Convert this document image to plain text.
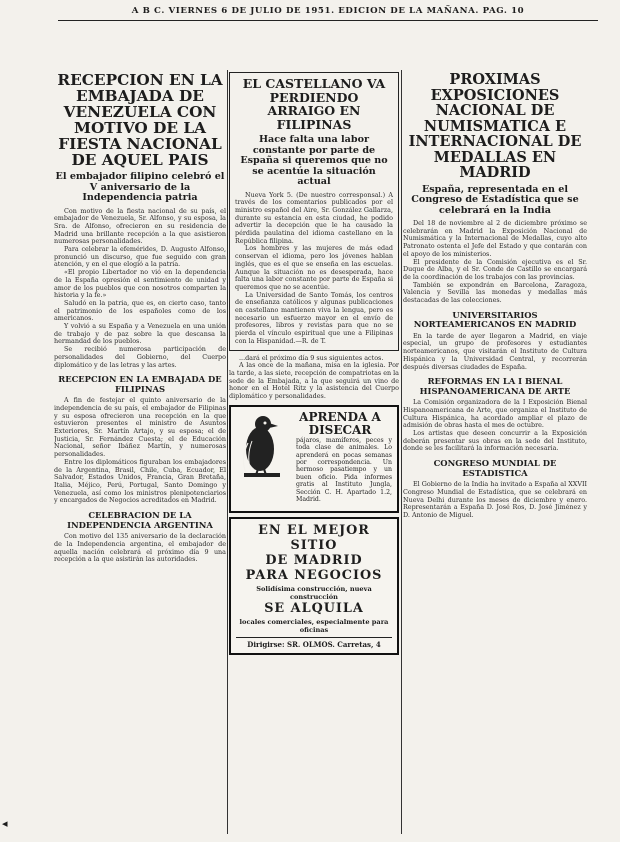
A B C. VIERNES 6 DE JULIO DE 1951. EDICION DE LA MAÑANA. PAG. 10
RECEPCION EN LA EMBAJADA DE VENEZUELA CON MOTIVO DE LA FIESTA NACIONAL DE AQUEL PAIS
El embajador filipino celebró el V aniversario de la Independencia patria

Con motivo de la fiesta nacional de su país, el embajador de Venezuela, Sr. Alfonso, y su esposa, la Sra. de Alfonso, ofrecieron en su residencia de Madrid una brillante recepción a la que asistieron numerosas personalidades.

Para celebrar la efemérides, D. Augusto Alfonso, pronunció un discurso, que fue seguido con gran atención, y en el que elogió a la patria.

«El propio Libertador no vió en la dependencia de la España opresión el sentimiento de unidad y amor de los pueblos que con nosotros comparten la historia y la fe.»

Saludó en la patria, que es, en cierto caso, tanto el patrimonio de los españoles como de los americanos.

Y volvió a su España y a Venezuela en una unión de trabajo y de paz sobre la que descansa la hermandad de los pueblos.

Se recibió numerosa participación de personalidades del Gobierno, del Cuerpo diplomático y de las letras y las artes.

RECEPCION EN LA EMBAJADA DE FILIPINAS

A fin de festejar el quinto aniversario de la independencia de su país, el embajador de Filipinas y su esposa ofrecieron una recepción en la que estuvieron presentes el ministro de Asuntos Exteriores, Sr. Martín Artajo, y su esposa; el de Justicia, Sr. Fernández Cuesta; el de Educación Nacional, señor Ibáñez Martín, y numerosas personalidades.

Entre los diplomáticos figuraban los embajadores de la Argentina, Brasil, Chile, Cuba, Ecuador, El Salvador, Estados Unidos, Francia, Gran Bretaña, Italia, Méjico, Perú, Portugal, Santo Domingo y Venezuela, así como los ministros plenipotenciarios y encargados de Negocios acreditados en Madrid.

CELEBRACION DE LA INDEPENDENCIA ARGENTINA

Con motivo del 135 aniversario de la declaración de la Independencia argentina, el embajador de aquella nación celebrará el próximo día 9 una recepción a la que asistirán las autoridades.

EL CASTELLANO VA PERDIENDO ARRAIGO EN FILIPINAS
Hace falta una labor constante por parte de España si queremos que no se acentúe la situación actual

Nueva York 5. (De nuestro corresponsal.) A través de los comentarios publicados por el ministro español del Aire, Sr. González Gallarza, durante su estancia en esta ciudad, he podido advertir la decepción que le ha causado la pérdida paulatina del idioma castellano en la República filipina.

Los hombres y las mujeres de más edad conservan el idioma, pero los jóvenes hablan inglés, que es el que se enseña en las escuelas. Aunque la situación no es desesperada, hace falta una labor constante por parte de España si queremos que no se acentúe.

La Universidad de Santo Tomás, los centros de enseñanza católicos y algunas publicaciones en castellano mantienen viva la lengua, pero es necesario un esfuerzo mayor en el envío de profesores, libros y revistas para que no se pierda el vínculo espiritual que une a Filipinas con la Hispanidad.—R. de T.

...dará el próximo día 9 sus siguientes actos.

A las once de la mañana, misa en la iglesia. Por la tarde, a las siete, recepción de compatriotas en la sede de la Embajada, a la que seguirá un vino de honor en el Hotel Ritz y la asistencia del Cuerpo diplomático y personalidades.

APRENDA A DISECAR
pájaros, mamíferos, peces y toda clase de animales. Lo aprenderá en pocas semanas por correspondencia. Un hermoso pasatiempo y un buen oficio. Pida informes gratis al Instituto Jungla, Sección C. H. Apartado 1.2, Madrid.
EN EL MEJOR SITIO
DE MADRID
PARA NEGOCIOS
Solidísima construcción, nueva construcción
SE ALQUILA
locales comerciales, especialmente para oficinas
Dirigirse: SR. OLMOS. Carretas, 4
PROXIMAS EXPOSICIONES NACIONAL DE NUMISMATICA E INTERNACIONAL DE MEDALLAS EN MADRID
España, representada en el Congreso de Estadística que se celebrará en la India

Del 18 de noviembre al 2 de diciembre próximo se celebrarán en Madrid la Exposición Nacional de Numismática y la Internacional de Medallas, cuyo alto Patronato ostenta el Jefe del Estado y que contarán con el apoyo de los ministerios.

El presidente de la Comisión ejecutiva es el Sr. Duque de Alba, y el Sr. Conde de Castillo se encargará de la coordinación de los trabajos con las provincias.

También se expondrán en Barcelona, Zaragoza, Valencia y Sevilla las monedas y medallas más destacadas de las colecciones.

UNIVERSITARIOS NORTEAMERICANOS EN MADRID

En la tarde de ayer llegaron a Madrid, en viaje especial, un grupo de profesores y estudiantes norteamericanos, que visitarán el Instituto de Cultura Hispánica y la Universidad Central, y recorrerán después diversas ciudades de España.

REFORMAS EN LA I BIENAL HISPANOAMERICANA DE ARTE

La Comisión organizadora de la I Exposición Bienal Hispanoamericana de Arte, que organiza el Instituto de Cultura Hispánica, ha acordado ampliar el plazo de admisión de obras hasta el mes de octubre.

Los artistas que deseen concurrir a la Exposición deberán presentar sus obras en la sede del Instituto, donde se les facilitará la información necesaria.

CONGRESO MUNDIAL DE ESTADISTICA

El Gobierno de la India ha invitado a España al XXVII Congreso Mundial de Estadística, que se celebrará en Nueva Delhi durante los meses de diciembre y enero. Representarán a España D. José Ros, D. José Jiménez y D. Antonio de Miguel.

◂
